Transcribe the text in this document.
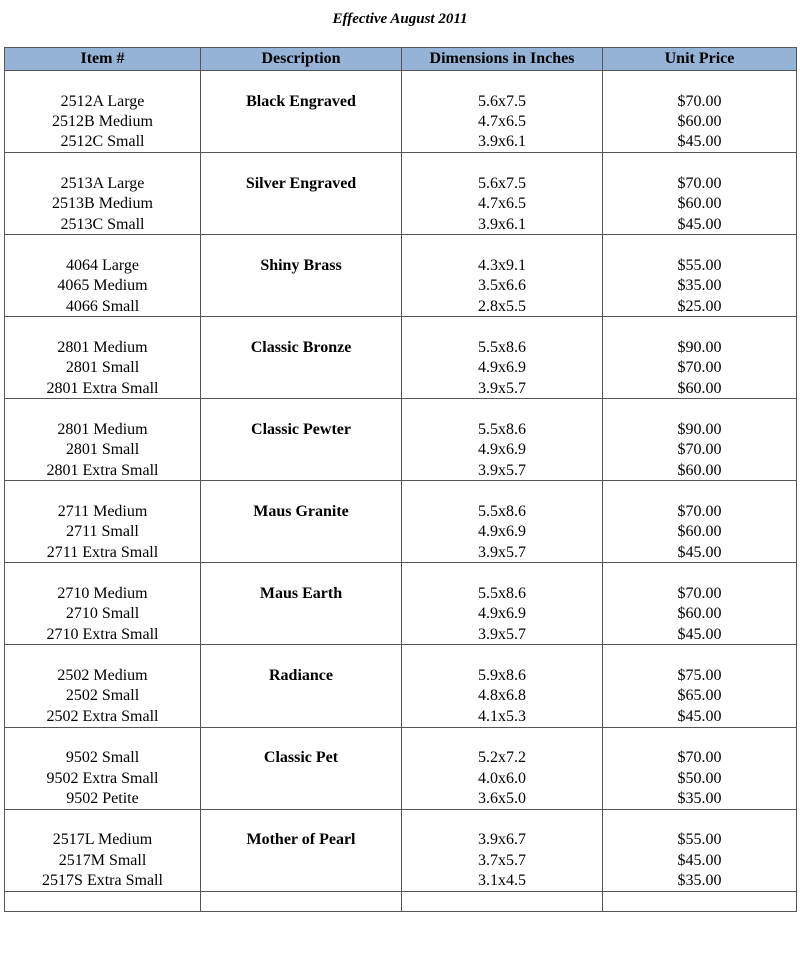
Effective August 2011
Item #	Description	Dimensions in Inches	Unit Price

2512A Large	Black Engraved	5.6x7.5	$70.00
2512B Medium		4.7x6.5	$60.00
2512C Small		3.9x6.1	$45.00

2513A Large	Silver Engraved	5.6x7.5	$70.00
2513B Medium		4.7x6.5	$60.00
2513C Small		3.9x6.1	$45.00

4064 Large	Shiny Brass	4.3x9.1	$55.00
4065 Medium		3.5x6.6	$35.00
4066 Small		2.8x5.5	$25.00

2801 Medium	Classic Bronze	5.5x8.6	$90.00
2801 Small		4.9x6.9	$70.00
2801 Extra Small		3.9x5.7	$60.00

2801 Medium	Classic Pewter	5.5x8.6	$90.00
2801 Small		4.9x6.9	$70.00
2801 Extra Small		3.9x5.7	$60.00

2711 Medium	Maus Granite	5.5x8.6	$70.00
2711 Small		4.9x6.9	$60.00
2711 Extra Small		3.9x5.7	$45.00

2710 Medium	Maus Earth	5.5x8.6	$70.00
2710 Small		4.9x6.9	$60.00
2710 Extra Small		3.9x5.7	$45.00

2502 Medium	Radiance	5.9x8.6	$75.00
2502 Small		4.8x6.8	$65.00
2502 Extra Small		4.1x5.3	$45.00

9502 Small	Classic Pet	5.2x7.2	$70.00
9502 Extra Small		4.0x6.0	$50.00
9502 Petite		3.6x5.0	$35.00

2517L Medium	Mother of Pearl	3.9x6.7	$55.00
2517M Small		3.7x5.7	$45.00
2517S Extra Small		3.1x4.5	$35.00
